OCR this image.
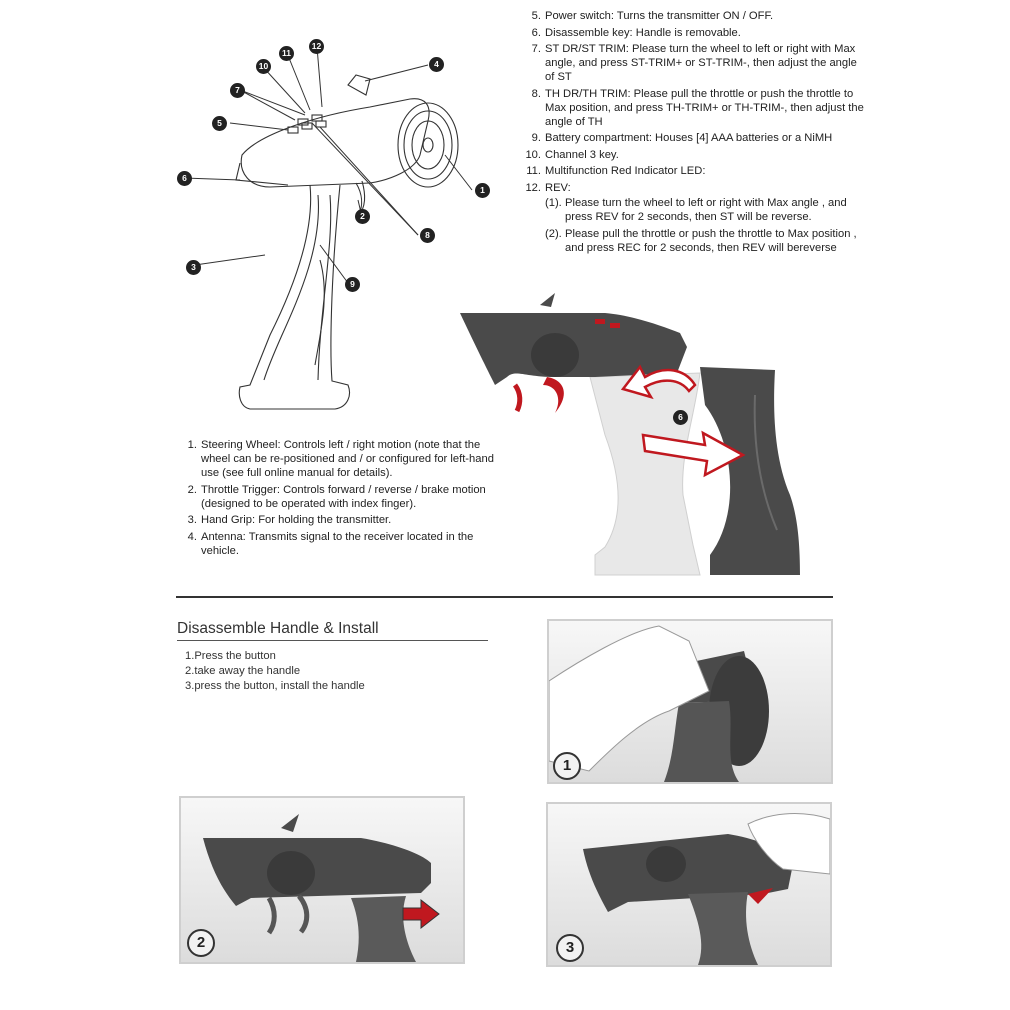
1
2
3
4
5
6
7
8
9
10
11
12
5. Power switch: Turns the transmitter ON / OFF.
6. Disassemble key: Handle is removable.
7. ST DR/ST TRIM: Please turn the wheel to left or right with Max angle, and press ST-TRIM+ or ST-TRIM-, then adjust the angle of ST
8. TH DR/TH TRIM: Please pull the throttle or push the throttle to Max position, and press TH-TRIM+ or TH-TRIM-, then adjust the angle of TH
9. Battery compartment: Houses [4] AAA batteries or a NiMH
10. Channel 3 key.
11. Multifunction Red Indicator LED:
12. REV:
(1). Please turn the wheel to left or right with Max angle , and press REV for 2 seconds, then ST will be reverse.
(2). Please pull the throttle or push the throttle to Max position , and press REC for 2 seconds, then REV will bereverse
6
1. Steering Wheel: Controls left / right motion (note that the wheel can be re-positioned and / or configured for left-hand use (see full online manual for details).
2. Throttle Trigger: Controls forward / reverse / brake motion (designed to be operated with index finger).
3. Hand Grip: For holding the transmitter.
4. Antenna: Transmits signal to the receiver located in the vehicle.
Disassemble Handle & Install
1.Press the button
2.take away the handle
3.press the button, install the handle
1
2	3
